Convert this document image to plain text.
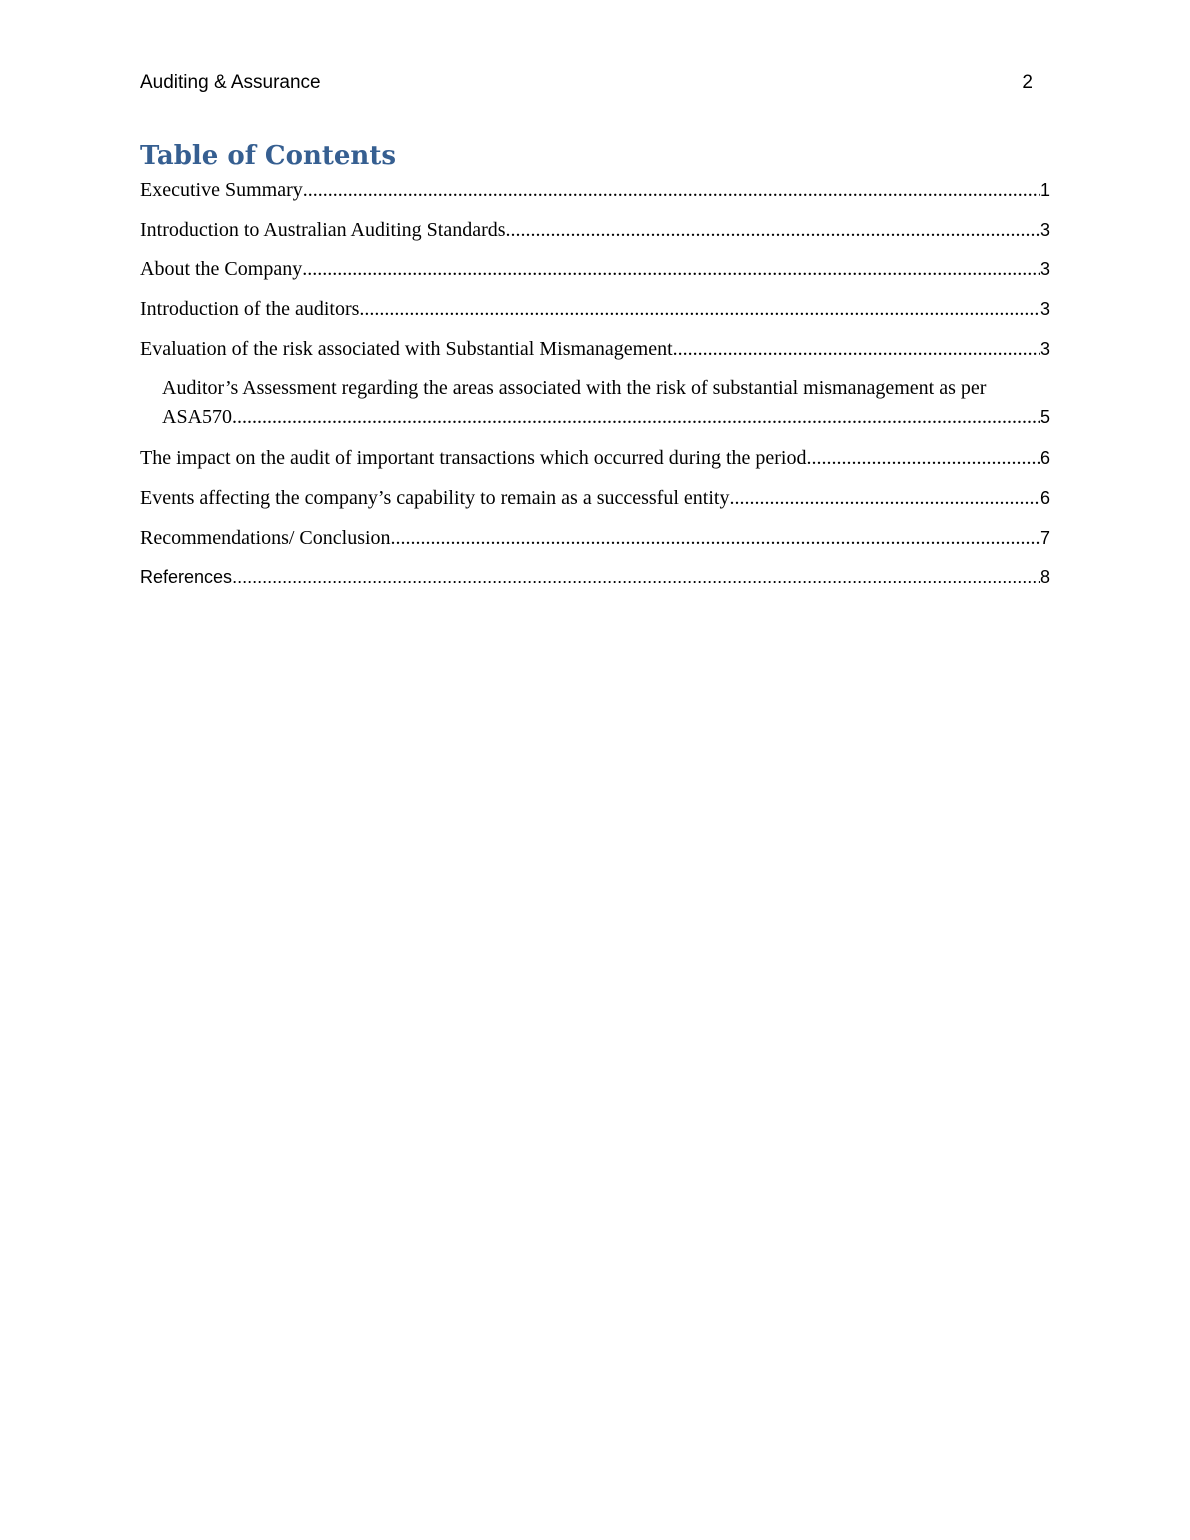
Auditing & Assurance	2
Table of Contents
Executive Summary .....	1
Introduction to Australian Auditing Standards .....	3
About the Company .....	3
Introduction of the auditors .....	3
Evaluation of the risk associated with Substantial Mismanagement .....	3
Auditor’s Assessment regarding the areas associated with the risk of substantial mismanagement as per
ASA570 .....	5
The impact on the audit of important transactions which occurred during the period .....	6
Events affecting the company’s capability to remain as a successful entity .....	6
Recommendations/ Conclusion .....	7
References .....	8
